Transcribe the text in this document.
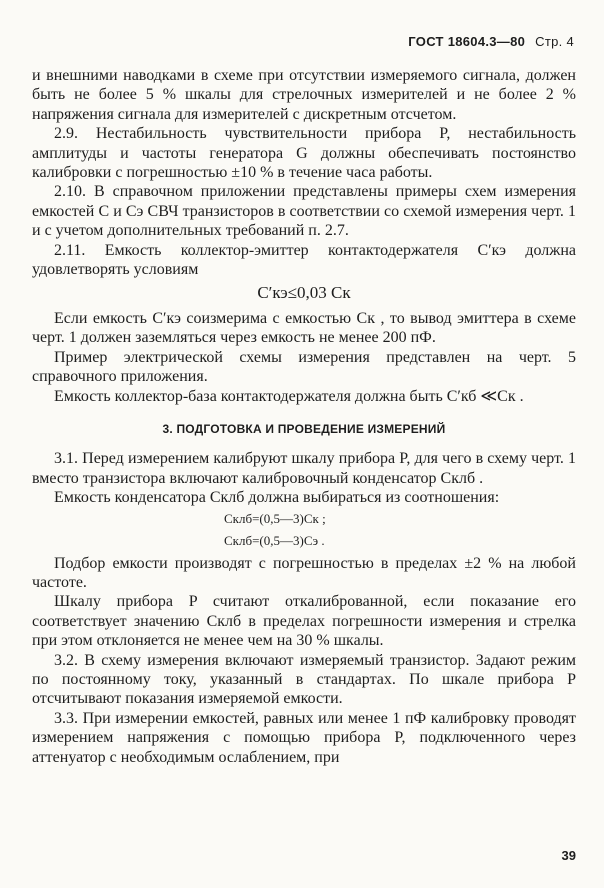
ГОСТ 18604.3—80 Стр. 4

и внешними наводками в схеме при отсутствии измеряемого сигнала, должен быть не более 5 % шкалы для стрелочных измерителей и не более 2 % напряжения сигнала для измерителей с дискретным отсчетом.

2.9. Нестабильность чувствительности прибора P, нестабильность амплитуды и частоты генератора G должны обеспечивать постоянство калибровки с погрешностью ±10 % в течение часа работы.

2.10. В справочном приложении представлены примеры схем измерения емкостей C и Cэ СВЧ транзисторов в соответствии со схемой измерения черт. 1 и с учетом дополнительных требований п. 2.7.

2.11. Емкость коллектор-эмиттер контактодержателя C′кэ должна удовлетворять условиям

C′кэ≤0,03 Cк

Если емкость C′кэ соизмерима с емкостью Cк , то вывод эмиттера в схеме черт. 1 должен заземляться через емкость не менее 200 пФ.

Пример электрической схемы измерения представлен на черт. 5 справочного приложения.

Емкость коллектор-база контактодержателя должна быть C′кб ≪Cк .

3. ПОДГОТОВКА И ПРОВЕДЕНИЕ ИЗМЕРЕНИЙ

3.1. Перед измерением калибруют шкалу прибора P, для чего в схему черт. 1 вместо транзистора включают калибровочный конденсатор Cклб .

Емкость конденсатора Cклб должна выбираться из соотношения:

Cклб=(0,5—3)Cк ;
Cклб=(0,5—3)Cэ .

Подбор емкости производят с погрешностью в пределах ±2 % на любой частоте.

Шкалу прибора P считают откалиброванной, если показание его соответствует значению Cклб в пределах погрешности измерения и стрелка при этом отклоняется не менее чем на 30 % шкалы.

3.2. В схему измерения включают измеряемый транзистор. Задают режим по постоянному току, указанный в стандартах. По шкале прибора P отсчитывают показания измеряемой емкости.

3.3. При измерении емкостей, равных или менее 1 пФ калибровку проводят измерением напряжения с помощью прибора P, подключенного через аттенуатор с необходимым ослаблением, при

39
